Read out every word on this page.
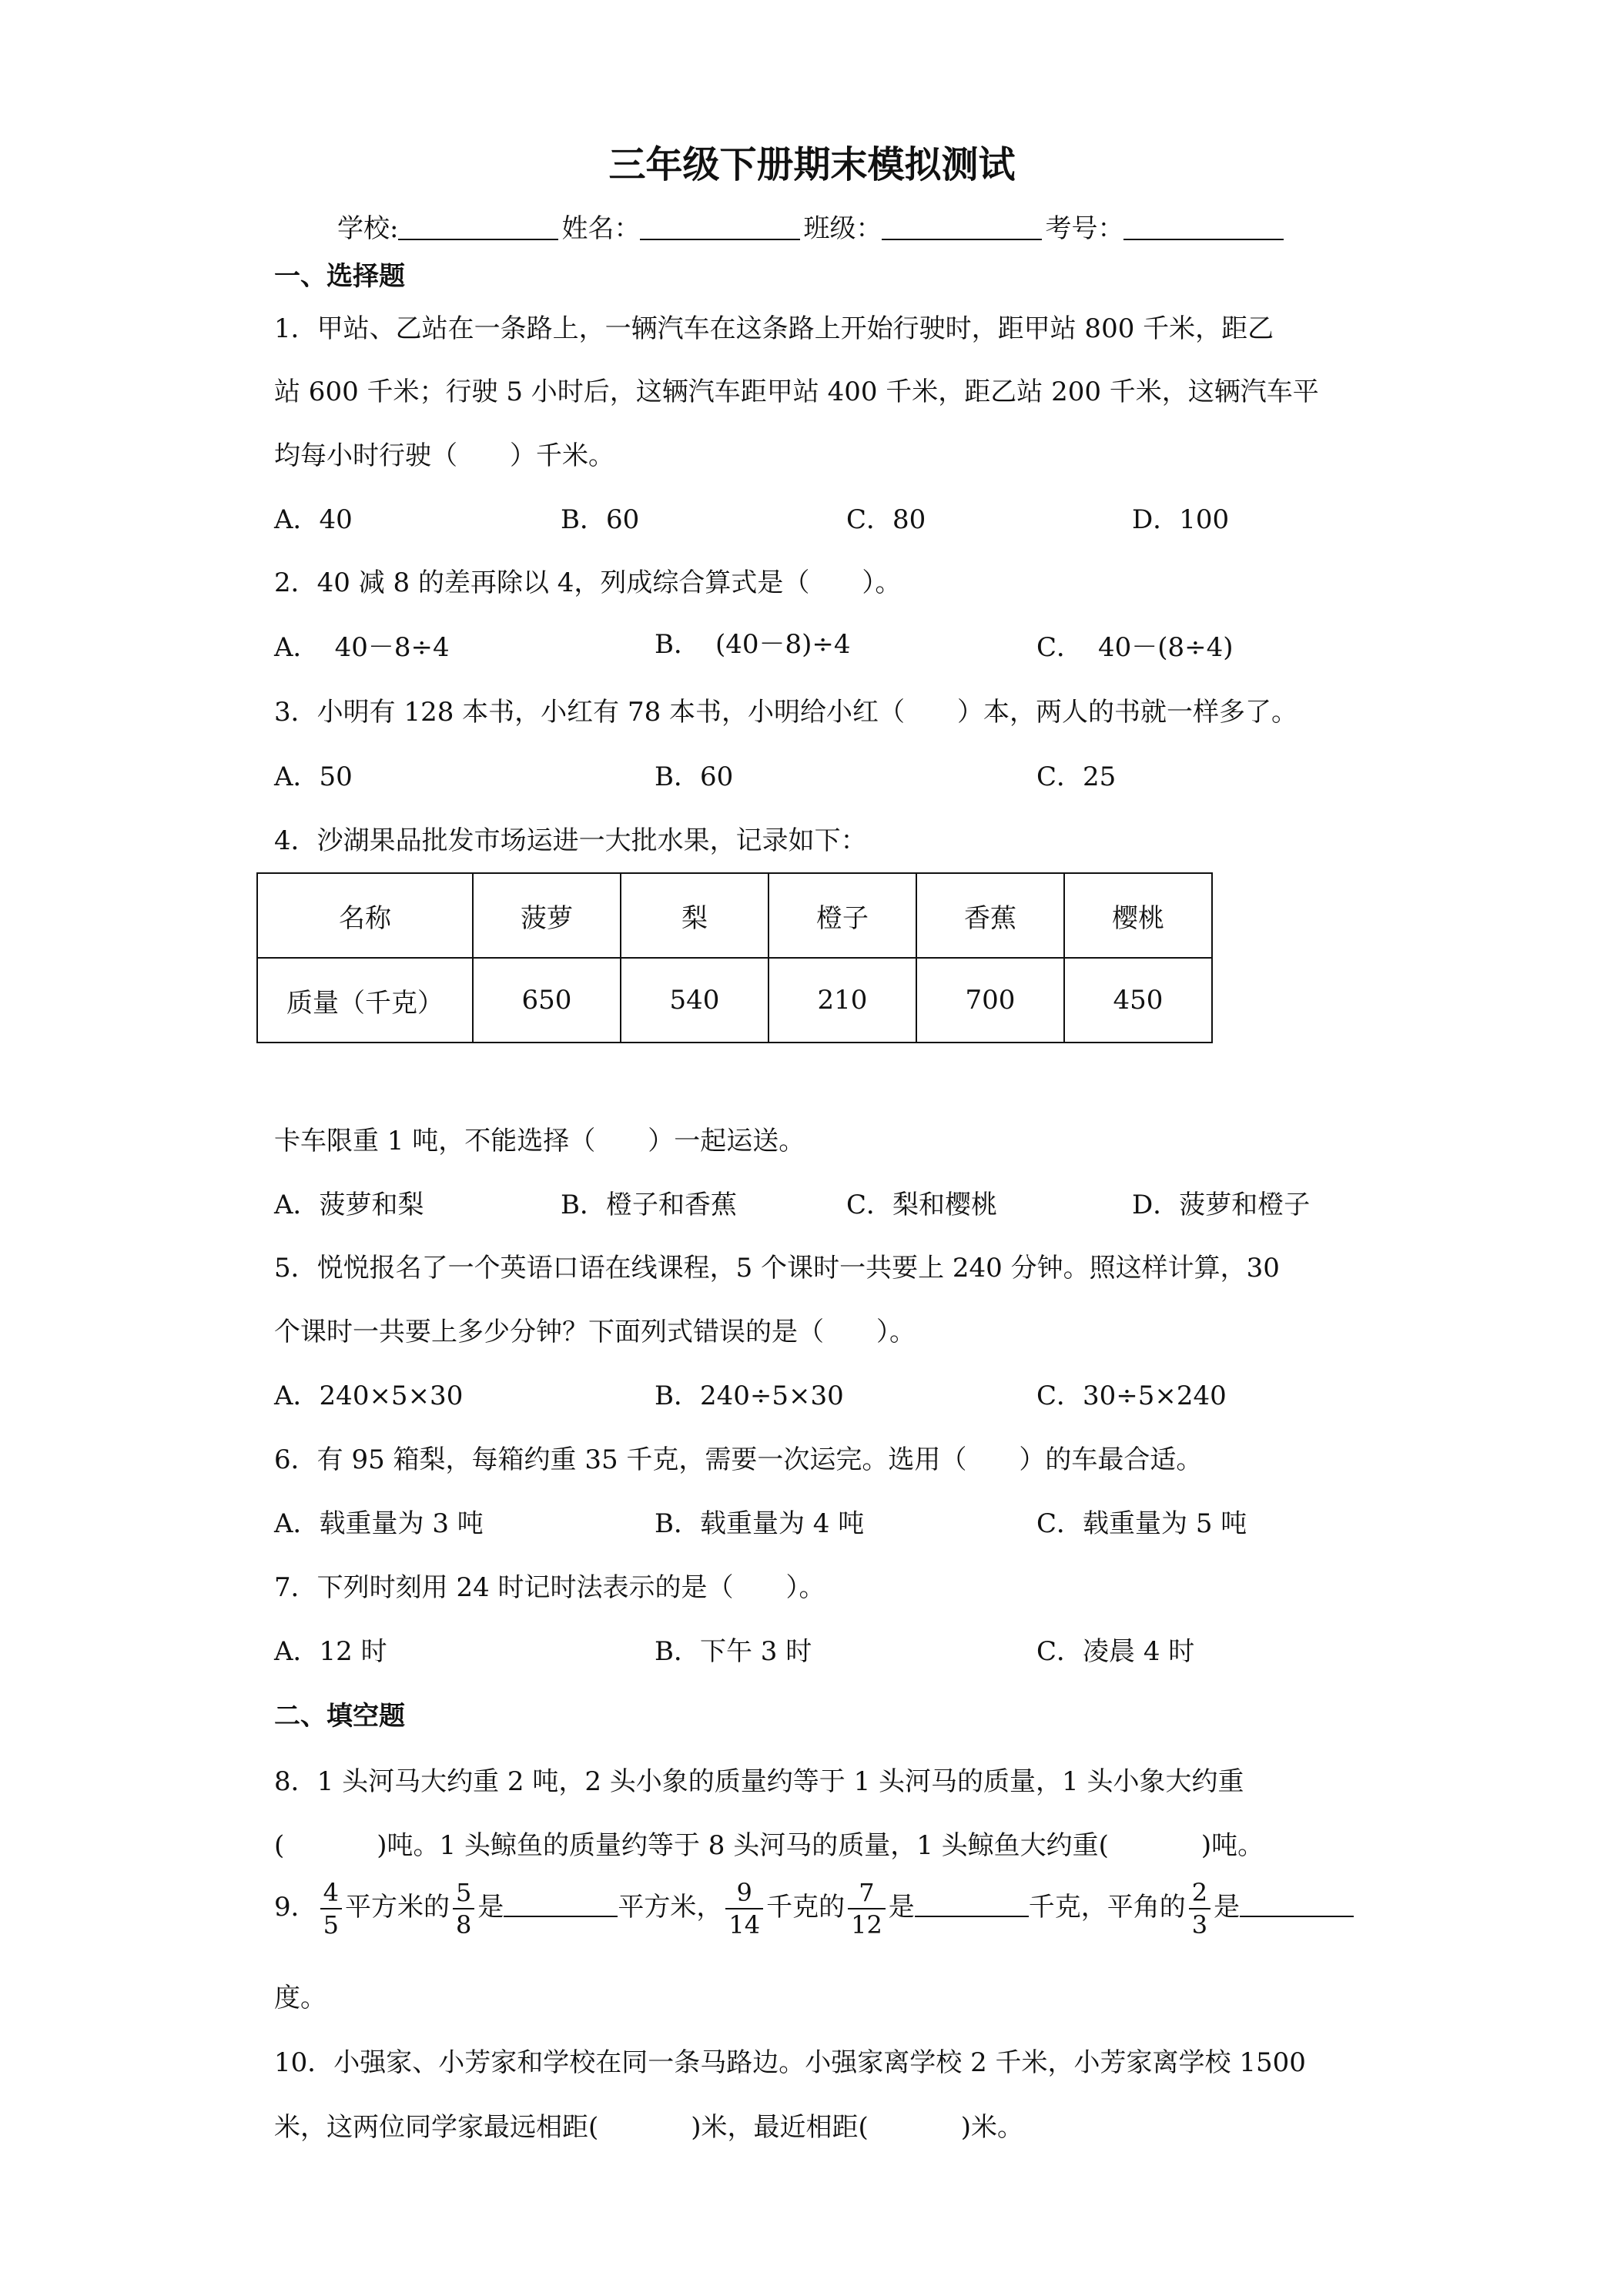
三年级下册期末模拟测试
学校:	姓名：	班级：	考号：
一、选择题
1．甲站、乙站在一条路上，一辆汽车在这条路上开始行驶时，距甲站 800 千米，距乙
站 600 千米；行驶 5 小时后，这辆汽车距甲站 400 千米，距乙站 200 千米，这辆汽车平
均每小时行驶（　　）千米。
A．40	B．60	C．80	D．100
2．40 减 8 的差再除以 4，列成综合算式是（　　）。
A． 40－8÷4	B． (40－8)÷4	C． 40－(8÷4)
3．小明有 128 本书，小红有 78 本书，小明给小红（　　）本，两人的书就一样多了。
A．50	B．60	C．25
4．沙湖果品批发市场运进一大批水果，记录如下：
名称	菠萝	梨	橙子	香蕉	樱桃
质量（千克）	650	540	210	700	450
卡车限重 1 吨，不能选择（　　）一起运送。
A．菠萝和梨	B．橙子和香蕉	C．梨和樱桃	D．菠萝和橙子
5．悦悦报名了一个英语口语在线课程，5 个课时一共要上 240 分钟。照这样计算，30
个课时一共要上多少分钟？下面列式错误的是（　　）。
A．240×5×30	B．240÷5×30	C．30÷5×240
6．有 95 箱梨，每箱约重 35 千克，需要一次运完。选用（　　）的车最合适。
A．载重量为 3 吨	B．载重量为 4 吨	C．载重量为 5 吨
7．下列时刻用 24 时记时法表示的是（　　）。
A．12 时	B．下午 3 时	C．凌晨 4 时
二、填空题
8．1 头河马大约重 2 吨，2 头小象的质量约等于 1 头河马的质量，1 头小象大约重
(	)吨。1 头鲸鱼的质量约等于 8 头河马的质量，1 头鲸鱼大约重(	)吨。
9． $\frac{4}{5}$ 平方米的 $\frac{5}{8}$ 是	平方米， $\frac{9}{14}$ 千克的 $\frac{7}{12}$ 是	千克，平角的 $\frac{2}{3}$ 是
度。
10．小强家、小芳家和学校在同一条马路边。小强家离学校 2 千米，小芳家离学校 1500
米，这两位同学家最远相距(	)米，最近相距(	)米。
